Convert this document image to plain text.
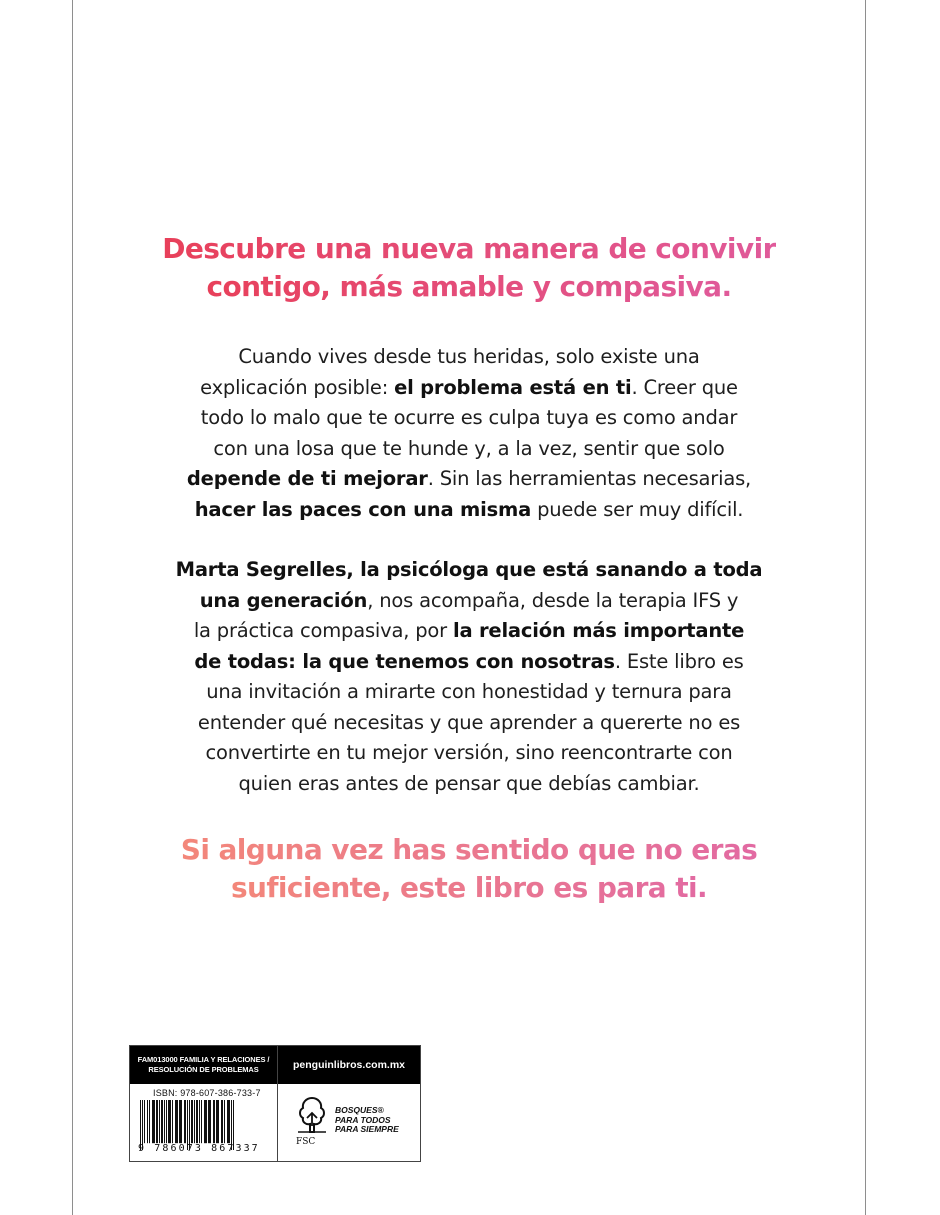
Descubre una nueva manera de convivir
contigo, más amable y compasiva.

Cuando vives desde tus heridas, solo existe una
explicación posible: el problema está en ti. Creer que
todo lo malo que te ocurre es culpa tuya es como andar
con una losa que te hunde y, a la vez, sentir que solo
depende de ti mejorar. Sin las herramientas necesarias,
hacer las paces con una misma puede ser muy difícil.

Marta Segrelles, la psicóloga que está sanando a toda
una generación, nos acompaña, desde la terapia IFS y
la práctica compasiva, por la relación más importante
de todas: la que tenemos con nosotras. Este libro es
una invitación a mirarte con honestidad y ternura para
entender qué necesitas y que aprender a quererte no es
convertirte en tu mejor versión, sino reencontrarte con
quien eras antes de pensar que debías cambiar.

Si alguna vez has sentido que no eras
suficiente, este libro es para ti.
FAM013000 FAMILIA Y RELACIONES /
RESOLUCIÓN DE PROBLEMAS	penguinlibros.com.mx
ISBN: 978-607-386-733-7
9 786073 867337
FSC
BOSQUES®
PARA TODOS
PARA SIEMPRE
